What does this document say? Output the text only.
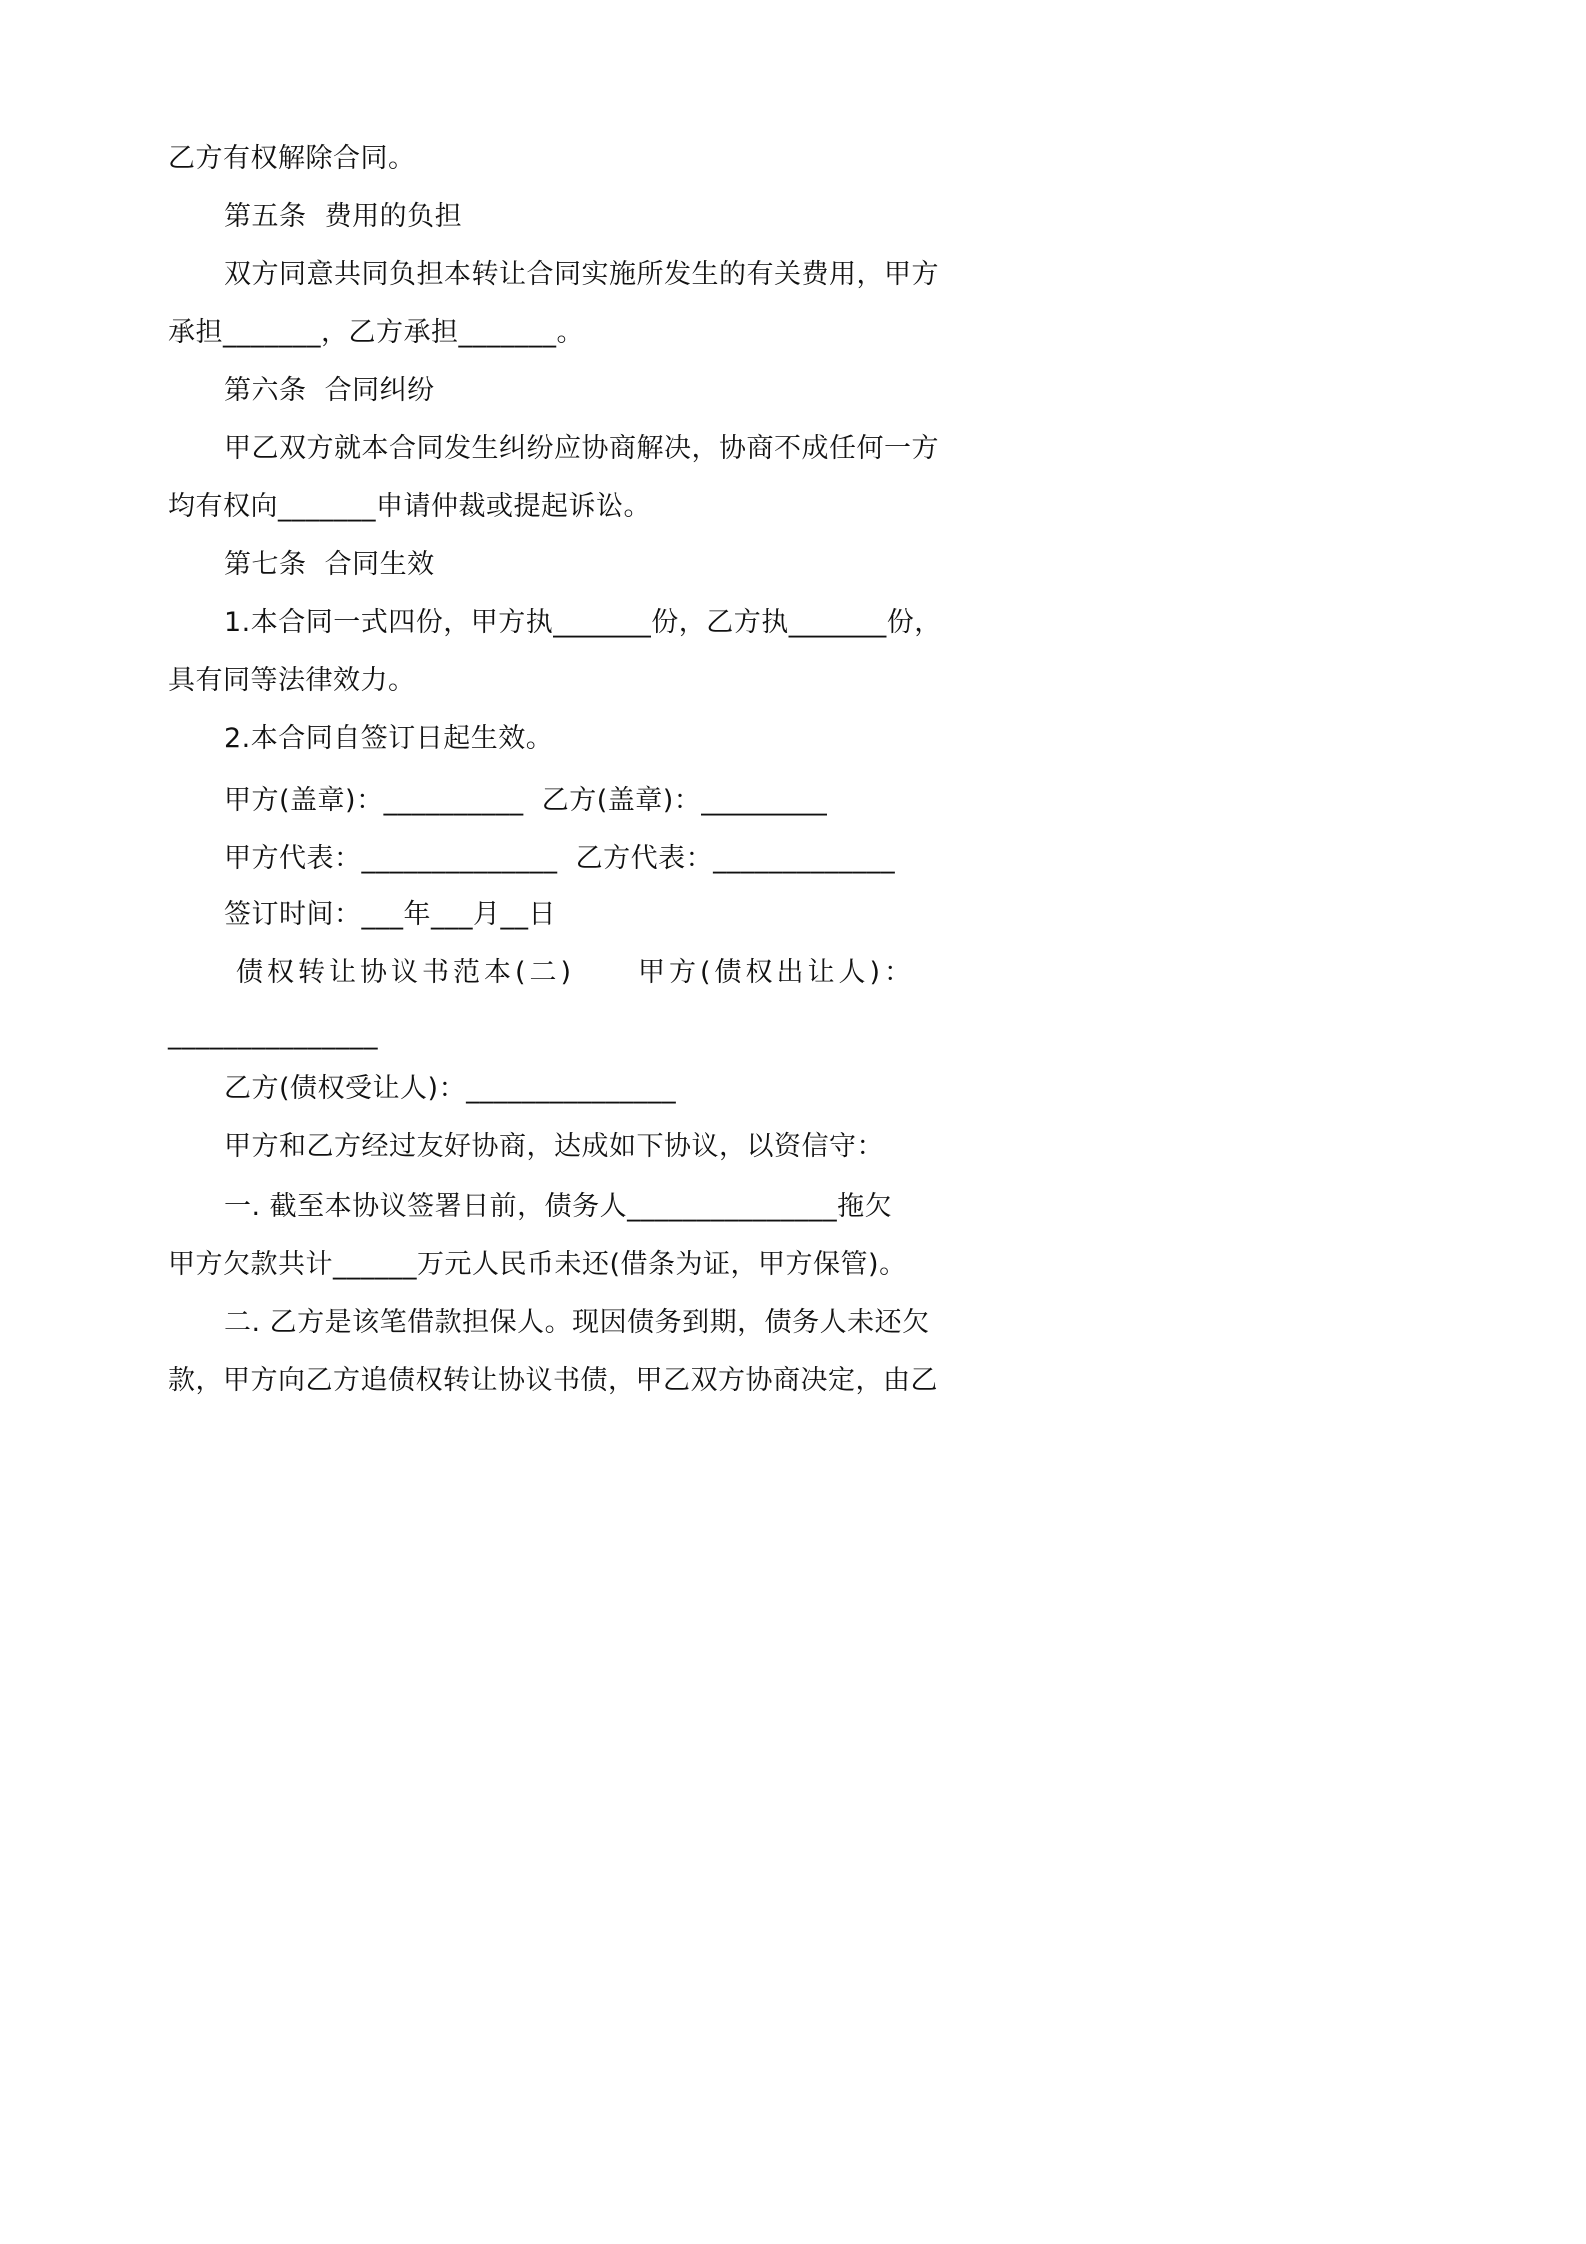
乙方有权解除合同。
第五条  费用的负担
双方同意共同负担本转让合同实施所发生的有关费用，甲方
承担_______，乙方承担_______。
第六条  合同纠纷
甲乙双方就本合同发生纠纷应协商解决，协商不成任何一方
均有权向_______申请仲裁或提起诉讼。
第七条  合同生效
1.本合同一式四份，甲方执_______份，乙方执_______份，
具有同等法律效力。
2.本合同自签订日起生效。
甲方(盖章)：__________  乙方(盖章)：_________
甲方代表：______________  乙方代表：_____________
签订时间：___年___月__日
债权转让协议书范本(二)     甲方(债权出让人)：
_______________
乙方(债权受让人)：_______________
甲方和乙方经过友好协商，达成如下协议，以资信守：
一. 截至本协议签署日前，债务人_______________拖欠
甲方欠款共计______万元人民币未还(借条为证，甲方保管)。
二. 乙方是该笔借款担保人。现因债务到期，债务人未还欠
款，甲方向乙方追债权转让协议书债，甲乙双方协商决定，由乙
